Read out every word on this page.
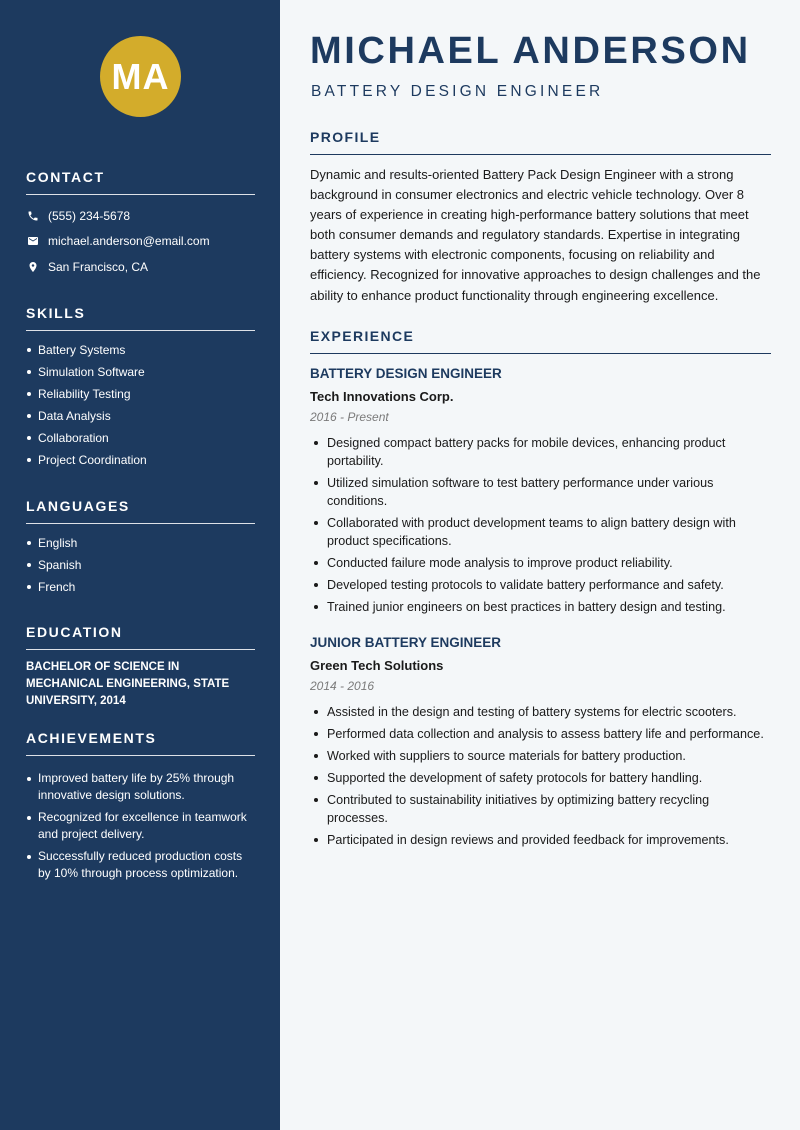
MA
CONTACT
(555) 234-5678
michael.anderson@email.com
San Francisco, CA
SKILLS
Battery Systems
Simulation Software
Reliability Testing
Data Analysis
Collaboration
Project Coordination
LANGUAGES
English
Spanish
French
EDUCATION
BACHELOR OF SCIENCE IN MECHANICAL ENGINEERING, STATE UNIVERSITY, 2014
ACHIEVEMENTS
Improved battery life by 25% through innovative design solutions.
Recognized for excellence in teamwork and project delivery.
Successfully reduced production costs by 10% through process optimization.
MICHAEL ANDERSON
BATTERY DESIGN ENGINEER
PROFILE

Dynamic and results-oriented Battery Pack Design Engineer with a strong background in consumer electronics and electric vehicle technology. Over 8 years of experience in creating high-performance battery solutions that meet both consumer demands and regulatory standards. Expertise in integrating battery systems with electronic components, focusing on reliability and efficiency. Recognized for innovative approaches to design challenges and the ability to enhance product functionality through engineering excellence.

EXPERIENCE
BATTERY DESIGN ENGINEER
Tech Innovations Corp.
2016 - Present
Designed compact battery packs for mobile devices, enhancing product portability.
Utilized simulation software to test battery performance under various conditions.
Collaborated with product development teams to align battery design with product specifications.
Conducted failure mode analysis to improve product reliability.
Developed testing protocols to validate battery performance and safety.
Trained junior engineers on best practices in battery design and testing.
JUNIOR BATTERY ENGINEER
Green Tech Solutions
2014 - 2016
Assisted in the design and testing of battery systems for electric scooters.
Performed data collection and analysis to assess battery life and performance.
Worked with suppliers to source materials for battery production.
Supported the development of safety protocols for battery handling.
Contributed to sustainability initiatives by optimizing battery recycling processes.
Participated in design reviews and provided feedback for improvements.
